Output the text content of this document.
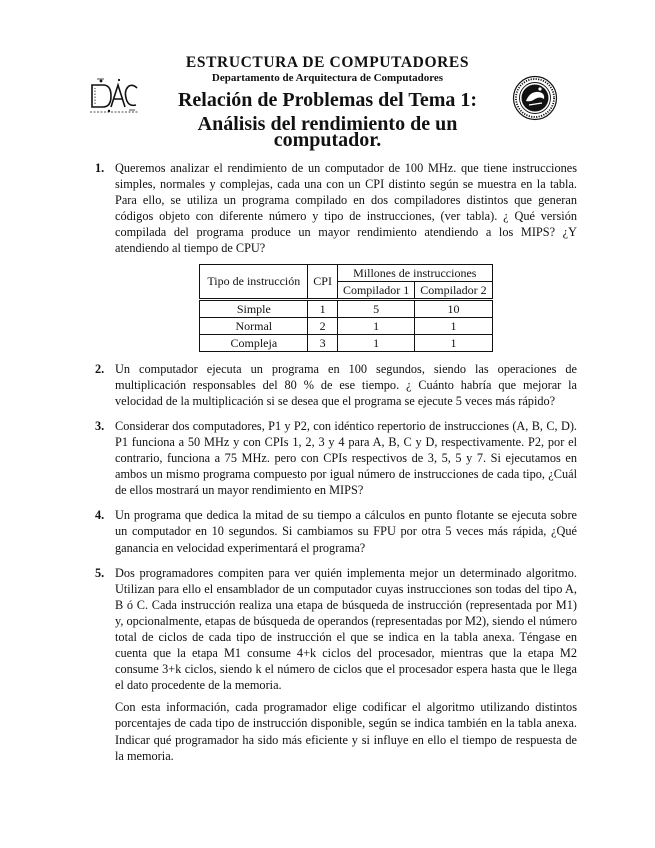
ESTRUCTURA DE COMPUTADORES
Departamento de Arquitectura de Computadores
Relación de Problemas del Tema 1:
Análisis del rendimiento de un computador.
1. Queremos analizar el rendimiento de un computador de 100 MHz. que tiene instrucciones simples, normales y complejas, cada una con un CPI distinto según se muestra en la tabla. Para ello, se utiliza un programa compilado en dos compiladores distintos que generan códigos objeto con diferente número y tipo de instrucciones, (ver tabla). ¿ Qué versión compilada del programa produce un mayor rendimiento atendiendo a los MIPS? ¿Y atendiendo al tiempo de CPU?

Tipo de instrucción	CPI	Millones de instrucciones	
		Compilador 1	Compilador 2
Simple	1	5	10
Normal	2	1	1
Compleja	3	1	1
2. Un computador ejecuta un programa en 100 segundos, siendo las operaciones de multiplicación responsables del 80 % de ese tiempo. ¿ Cuánto habría que mejorar la velocidad de la multiplicación si se desea que el programa se ejecute 5 veces más rápido?

3. Considerar dos computadores, P1 y P2, con idéntico repertorio de instrucciones (A, B, C, D). P1 funciona a 50 MHz y con CPIs 1, 2, 3 y 4 para A, B, C y D, respectivamente. P2, por el contrario, funciona a 75 MHz. pero con CPIs respectivos de 3, 5, 5 y 7. Si ejecutamos en ambos un mismo programa compuesto por igual número de instrucciones de cada tipo, ¿Cuál de ellos mostrará un mayor rendimiento en MIPS?

4. Un programa que dedica la mitad de su tiempo a cálculos en punto flotante se ejecuta sobre un computador en 10 segundos. Si cambiamos su FPU por otra 5 veces más rápida, ¿Qué ganancia en velocidad experimentará el programa?

5. Dos programadores compiten para ver quién implementa mejor un determinado algoritmo. Utilizan para ello el ensamblador de un computador cuyas instrucciones son todas del tipo A, B ó C. Cada instrucción realiza una etapa de búsqueda de instrucción (representada por M1) y, opcionalmente, etapas de búsqueda de operandos (representadas por M2), siendo el número total de ciclos de cada tipo de instrucción el que se indica en la tabla anexa. Téngase en cuenta que la etapa M1 consume 4+k ciclos del procesador, mientras que la etapa M2 consume 3+k ciclos, siendo k el número de ciclos que el procesador espera hasta que le llega el dato procedente de la memoria.

Con esta información, cada programador elige codificar el algoritmo utilizando distintos porcentajes de cada tipo de instrucción disponible, según se indica también en la tabla anexa. Indicar qué programador ha sido más eficiente y si influye en ello el tiempo de respuesta de la memoria.
